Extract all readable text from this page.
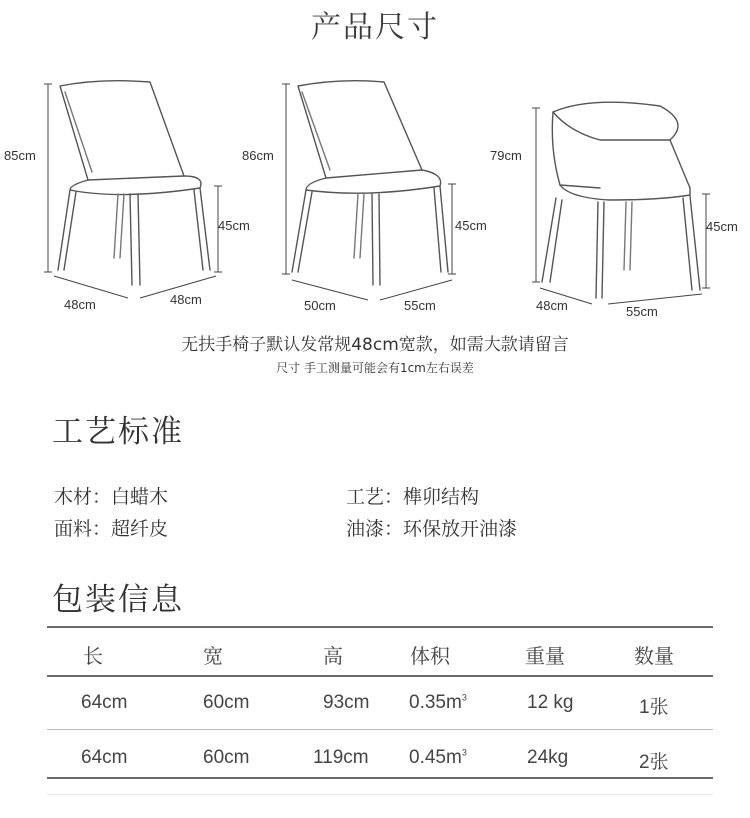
产品尺寸
85cm
45cm
48cm	48cm
86cm
45cm
50cm	55cm
79cm
45cm
48cm	55cm
无扶手椅子默认发常规48cm宽款，如需大款请留言
尺寸 手工测量可能会有1cm左右误差
工艺标准
木材：白蜡木	工艺：榫卯结构
面料：超纤皮	油漆：环保放开油漆
包装信息
长	宽	高	体积	重量	数量
64cm	60cm	93cm $0.35m^3$	12 kg	1张
64cm	60cm	119cm $0.45m^3$	24kg	2张
